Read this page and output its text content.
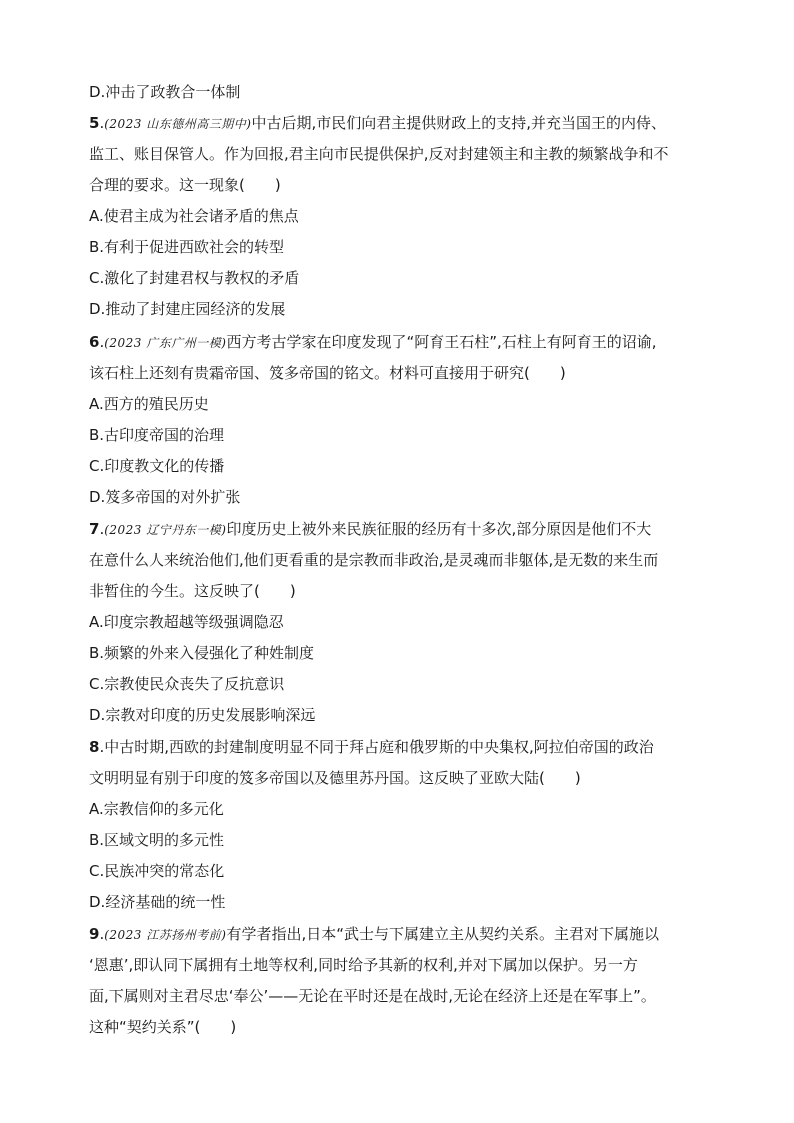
D.冲击了政教合一体制
5.(2023 山东德州高三期中)中古后期,市民们向君主提供财政上的支持,并充当国王的内侍、
监工、账目保管人。作为回报,君主向市民提供保护,反对封建领主和主教的频繁战争和不
合理的要求。这一现象(　　)
A.使君主成为社会诸矛盾的焦点
B.有利于促进西欧社会的转型
C.激化了封建君权与教权的矛盾
D.推动了封建庄园经济的发展
6.(2023 广东广州一模)西方考古学家在印度发现了“阿育王石柱”,石柱上有阿育王的诏谕,
该石柱上还刻有贵霜帝国、笈多帝国的铭文。材料可直接用于研究(　　)
A.西方的殖民历史
B.古印度帝国的治理
C.印度教文化的传播
D.笈多帝国的对外扩张
7.(2023 辽宁丹东一模)印度历史上被外来民族征服的经历有十多次,部分原因是他们不大
在意什么人来统治他们,他们更看重的是宗教而非政治,是灵魂而非躯体,是无数的来生而
非暂住的今生。这反映了(　　)
A.印度宗教超越等级强调隐忍
B.频繁的外来入侵强化了种姓制度
C.宗教使民众丧失了反抗意识
D.宗教对印度的历史发展影响深远
8.中古时期,西欧的封建制度明显不同于拜占庭和俄罗斯的中央集权,阿拉伯帝国的政治
文明明显有别于印度的笈多帝国以及德里苏丹国。这反映了亚欧大陆(　　)
A.宗教信仰的多元化
B.区域文明的多元性
C.民族冲突的常态化
D.经济基础的统一性
9.(2023 江苏扬州考前)有学者指出,日本“武士与下属建立主从契约关系。主君对下属施以
‘恩惠’,即认同下属拥有土地等权利,同时给予其新的权利,并对下属加以保护。另一方
面,下属则对主君尽忠‘奉公’——无论在平时还是在战时,无论在经济上还是在军事上”。
这种“契约关系”(　　)
